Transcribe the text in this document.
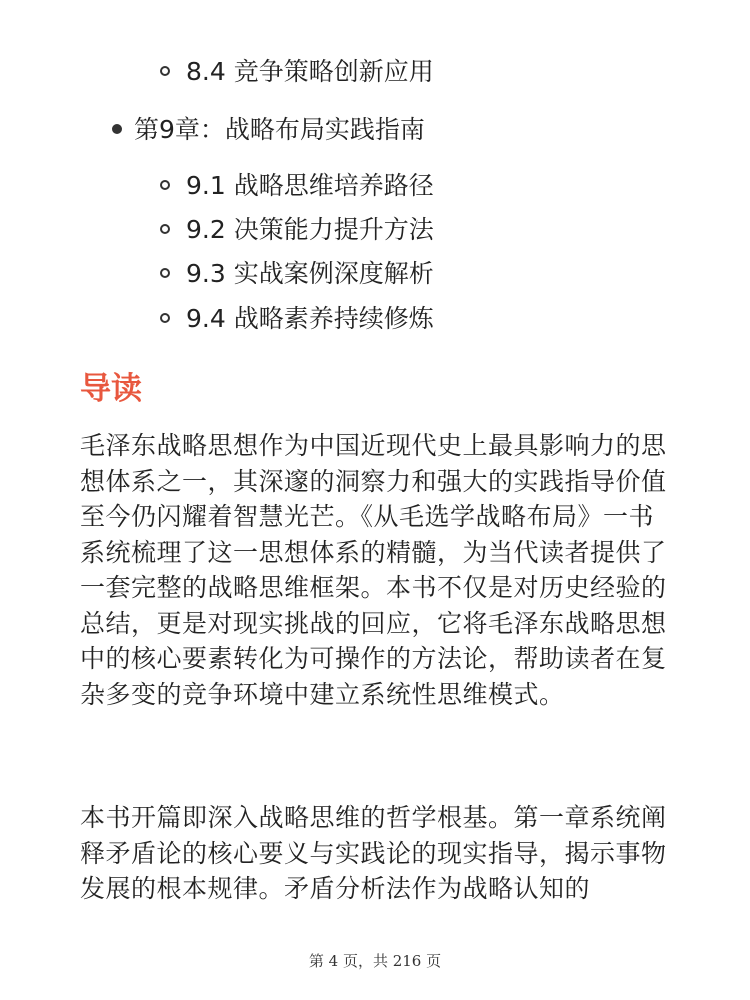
8.4 竞争策略创新应用
第9章：战略布局实践指南
9.1 战略思维培养路径
9.2 决策能力提升方法
9.3 实战案例深度解析
9.4 战略素养持续修炼
导读

毛泽东战略思想作为中国近现代史上最具影响力的思想体系之一，其深邃的洞察力和强大的实践指导价值至今仍闪耀着智慧光芒。《从毛选学战略布局》一书系统梳理了这一思想体系的精髓，为当代读者提供了一套完整的战略思维框架。本书不仅是对历史经验的总结，更是对现实挑战的回应，它将毛泽东战略思想中的核心要素转化为可操作的方法论，帮助读者在复杂多变的竞争环境中建立系统性思维模式。

本书开篇即深入战略思维的哲学根基。第一章系统阐释矛盾论的核心要义与实践论的现实指导，揭示事物发展的根本规律。矛盾分析法作为战略认知的

第 4 页，共 216 页
